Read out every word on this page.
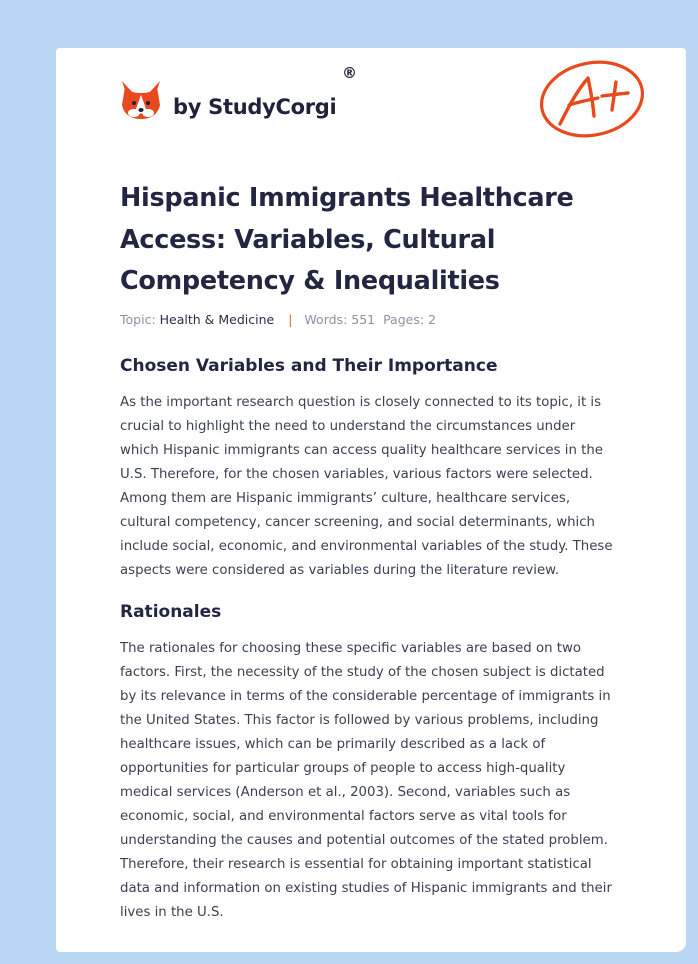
by StudyCorgi
®
Hispanic Immigrants Healthcare
Access: Variables, Cultural
Competency & Inequalities
Topic: Health & Medicine | Words: 551 Pages: 2
Chosen Variables and Their Importance

As the important research question is closely connected to its topic, it is
crucial to highlight the need to understand the circumstances under
which Hispanic immigrants can access quality healthcare services in the
U.S. Therefore, for the chosen variables, various factors were selected.
Among them are Hispanic immigrants’ culture, healthcare services,
cultural competency, cancer screening, and social determinants, which
include social, economic, and environmental variables of the study. These
aspects were considered as variables during the literature review.

Rationales

The rationales for choosing these specific variables are based on two
factors. First, the necessity of the study of the chosen subject is dictated
by its relevance in terms of the considerable percentage of immigrants in
the United States. This factor is followed by various problems, including
healthcare issues, which can be primarily described as a lack of
opportunities for particular groups of people to access high-quality
medical services (Anderson et al., 2003). Second, variables such as
economic, social, and environmental factors serve as vital tools for
understanding the causes and potential outcomes of the stated problem.
Therefore, their research is essential for obtaining important statistical
data and information on existing studies of Hispanic immigrants and their
lives in the U.S.
